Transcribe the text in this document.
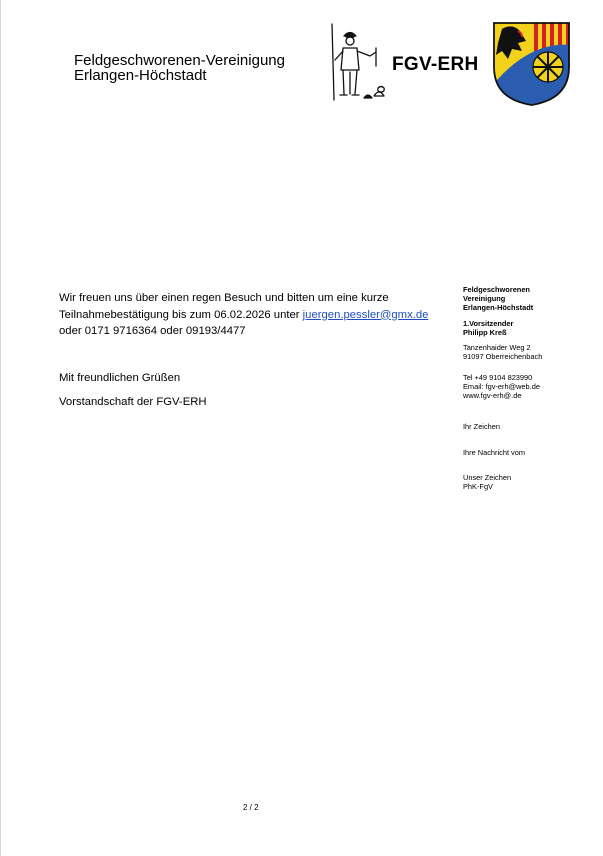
Feldgeschworenen-Vereinigung
Erlangen-Höchstadt
FGV-ERH
Wir freuen uns über einen regen Besuch und bitten um eine kurze
Teilnahmebestätigung bis zum 06.02.2026 unter juergen.pessler@gmx.de
oder 0171 9716364 oder 09193/4477
Mit freundlichen Grüßen
Vorstandschaft der FGV-ERH
Feldgeschworenen
Vereinigung
Erlangen-Höchstadt
1.Vorsitzender
Philipp Kreß
Tanzenhaider Weg 2
91097 Oberreichenbach
Tel +49 9104 823990
Email: fgv-erh@web.de
www.fgv-erh@.de
Ihr Zeichen
Ihre Nachricht vom
Unser Zeichen
PhK-FgV
2 / 2
